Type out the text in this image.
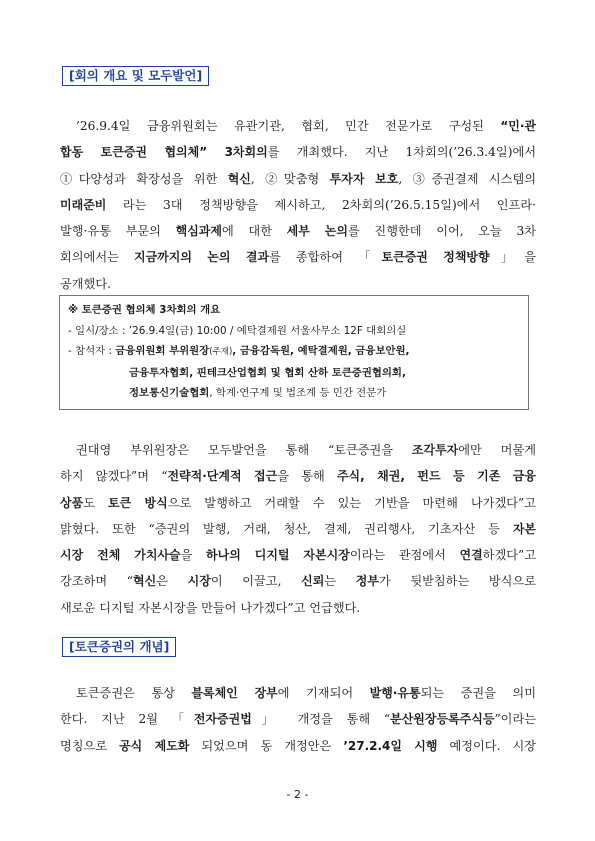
[회의 개요 및 모두발언]

’26.9.4일 금융위원회는 유관기관, 협회, 민간 전문가로 구성된 “민·관

합동 토큰증권 협의체” 3차회의를 개최했다. 지난 1차회의(’26.3.4일)에서

①다양성과 확장성을 위한 혁신, ②맞춤형 투자자 보호, ③증권결제 시스템의

미래준비 라는 3대 정책방향을 제시하고, 2차회의(’26.5.15일)에서 인프라·

발행·유통 부문의 핵심과제에 대한 세부 논의를 진행한데 이어, 오늘 3차

회의에서는 지금까지의 논의 결과를 종합하여 「토큰증권 정책방향」을

공개했다.

※ 토큰증권 협의체 3차회의 개요
- 일시/장소 : ’26.9.4일(금) 10:00 / 예탁결제원 서울사무소 12F 대회의실
- 참석자 : 금융위원회 부위원장(주재), 금융감독원, 예탁결제원, 금융보안원,
금융투자협회, 핀테크산업협회 및 협회 산하 토큰증권협의회,
정보통신기술협회, 학계·연구계 및 법조계 등 민간 전문가

권대영 부위원장은 모두발언을 통해 “토큰증권을 조각투자에만 머물게

하지 않겠다”며 “전략적·단계적 접근을 통해 주식, 채권, 펀드 등 기존 금융

상품도 토큰 방식으로 발행하고 거래할 수 있는 기반을 마련해 나가겠다”고

밝혔다. 또한 “증권의 발행, 거래, 청산, 결제, 권리행사, 기초자산 등 자본

시장 전체 가치사슬을 하나의 디지털 자본시장이라는 관점에서 연결하겠다”고

강조하며 “혁신은 시장이 이끌고, 신뢰는 정부가 뒷받침하는 방식으로

새로운 디지털 자본시장을 만들어 나가겠다”고 언급했다.

[토큰증권의 개념]

토큰증권은 통상 블록체인 장부에 기재되어 발행·유통되는 증권을 의미

한다. 지난 2월 「전자증권법」 개정을 통해 “분산원장등록주식등”이라는

명칭으로 공식 제도화 되었으며 동 개정안은 ’27.2.4일 시행 예정이다. 시장

- 2 -
